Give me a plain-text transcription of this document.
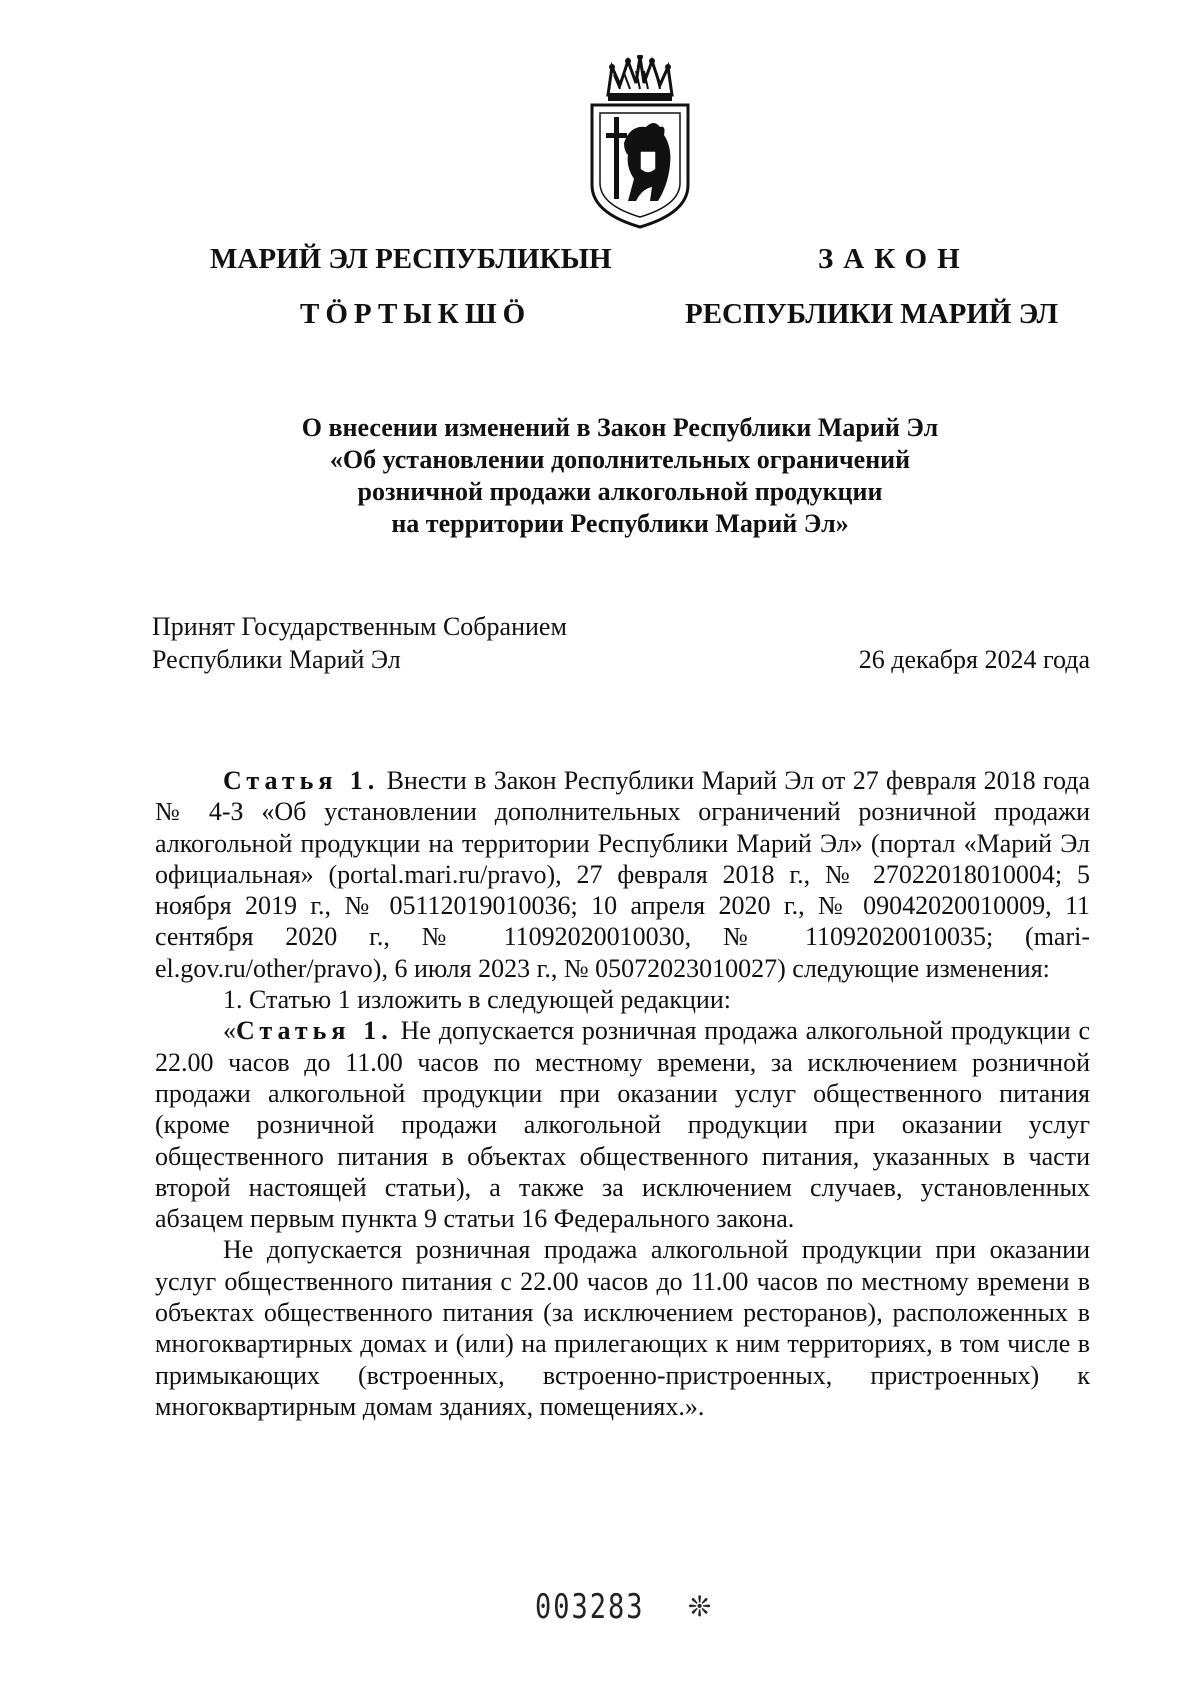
МАРИЙ ЭЛ РЕСПУБЛИКЫН
ТӦРТЫКШӦ
ЗАКОН
РЕСПУБЛИКИ МАРИЙ ЭЛ
О внесении изменений в Закон Республики Марий Эл
«Об установлении дополнительных ограничений
розничной продажи алкогольной продукции
на территории Республики Марий Эл»
Принят Государственным Собранием
Республики Марий Эл	26 декабря 2024 года

Статья 1. Внести в Закон Республики Марий Эл от 27 февраля 2018 года № 4-З «Об установлении дополнительных ограничений розничной продажи алкогольной продукции на территории Республики Марий Эл» (портал «Марий Эл официальная» (portal.mari.ru/pravo), 27 февраля 2018 г., № 27022018010004; 5 ноября 2019 г., № 05112019010036; 10 апреля 2020 г., № 09042020010009, 11 сентября 2020 г., № 11092020010030, № 11092020010035; (mari-el.gov.ru/other/pravo), 6 июля 2023 г., № 05072023010027) следующие изменения:

1. Статью 1 изложить в следующей редакции:

«Статья 1. Не допускается розничная продажа алкогольной продукции с 22.00 часов до 11.00 часов по местному времени, за исключением розничной продажи алкогольной продукции при оказании услуг общественного питания (кроме розничной продажи алкогольной продукции при оказании услуг общественного питания в объектах общественного питания, указанных в части второй настоящей статьи), а также за исключением случаев, установленных абзацем первым пункта 9 статьи 16 Федерального закона.

Не допускается розничная продажа алкогольной продукции при оказании услуг общественного питания с 22.00 часов до 11.00 часов по местному времени в объектах общественного питания (за исключением ресторанов), расположенных в многоквартирных домах и (или) на прилегающих к ним территориях, в том числе в примыкающих (встроенных, встроенно-пристроенных, пристроенных) к многоквартирным домам зданиях, помещениях.».

003283 ❊
